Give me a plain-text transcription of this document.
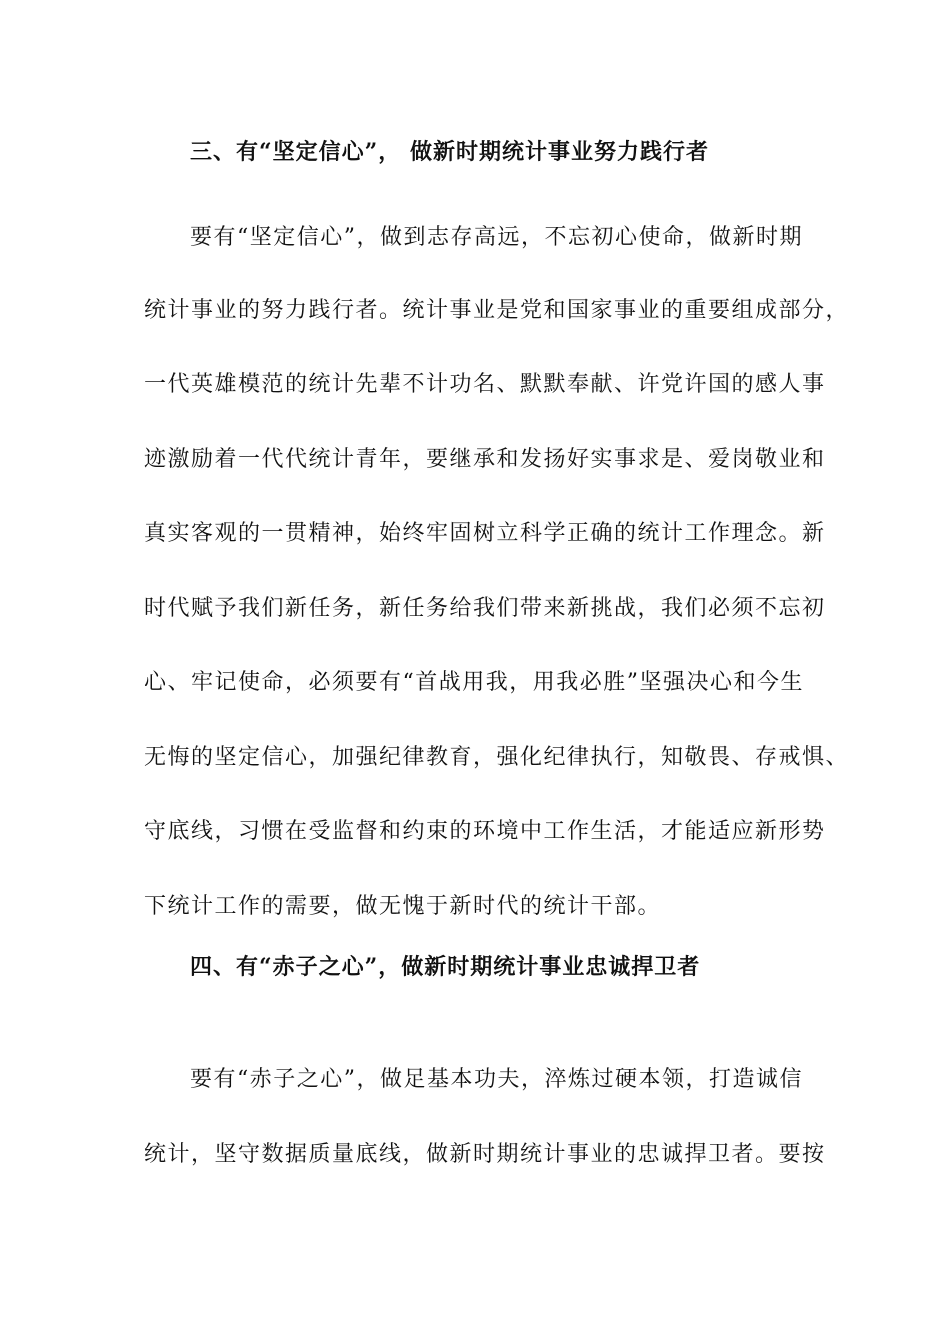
三、有“坚定信心”， 做新时期统计事业努力践行者
要有“坚定信心”，做到志存高远，不忘初心使命，做新时期
统计事业的努力践行者。统计事业是党和国家事业的重要组成部分，
一代英雄模范的统计先辈不计功名、默默奉献、许党许国的感人事
迹激励着一代代统计青年，要继承和发扬好实事求是、爱岗敬业和
真实客观的一贯精神，始终牢固树立科学正确的统计工作理念。新
时代赋予我们新任务，新任务给我们带来新挑战，我们必须不忘初
心、牢记使命，必须要有“首战用我，用我必胜”坚强决心和今生
无悔的坚定信心，加强纪律教育，强化纪律执行，知敬畏、存戒惧、
守底线，习惯在受监督和约束的环境中工作生活，才能适应新形势
下统计工作的需要，做无愧于新时代的统计干部。
四、有“赤子之心”，做新时期统计事业忠诚捍卫者
要有“赤子之心”，做足基本功夫，淬炼过硬本领，打造诚信
统计，坚守数据质量底线，做新时期统计事业的忠诚捍卫者。要按
